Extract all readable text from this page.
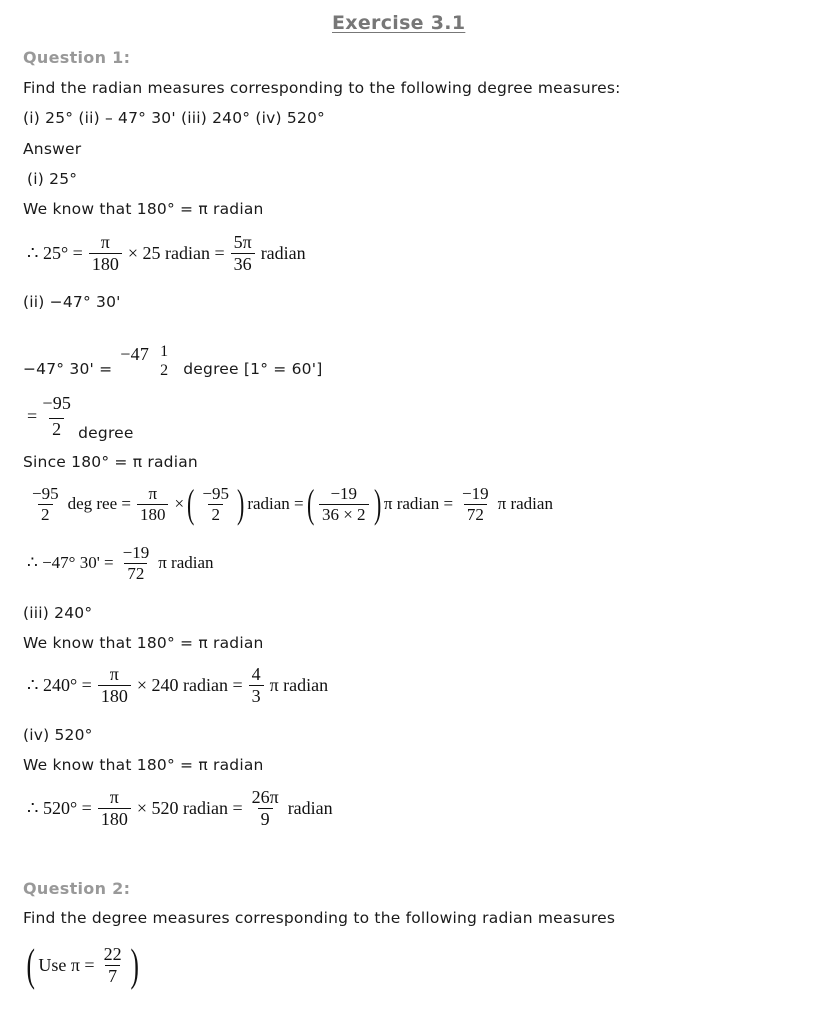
Exercise 3.1
Question 1:
Find the radian measures corresponding to the following degree measures:
(i) 25° (ii) – 47° 30' (iii) 240° (iv) 520°
Answer
(i) 25°
We know that 180° = π radian
∴ $25^\circ = \frac{\pi}{180} \times 25$ radian = $\frac{5\pi}{36}$ radian
(ii) −47° 30'
−47° 30' =
−47 1
2 degree [1° = 60']
= $\frac{-95}{2}$ degree
Since 180° = π radian
$\frac{-95}{2}$ deg ree = $\frac{\pi}{180}$ × ( $\frac{-95}{2}$ ) radian = ( $\frac{-19}{36 \times 2}$ ) π radian = $\frac{-19}{72}$ π radian
∴ −47° $30' = \frac{-19}{72}$ π radian
(iii) 240°
We know that 180° = π radian
∴ $240^\circ = \frac{\pi}{180} \times 240$ radian = $\frac{4}{3}$ π radian
(iv) 520°
We know that 180° = π radian
∴ $520^\circ = \frac{\pi}{180} \times 520$ radian = $\frac{26\pi}{9}$ radian
Question 2:
Find the degree measures corresponding to the following radian measures
( Use $\pi = \frac{22}{7}$ )
